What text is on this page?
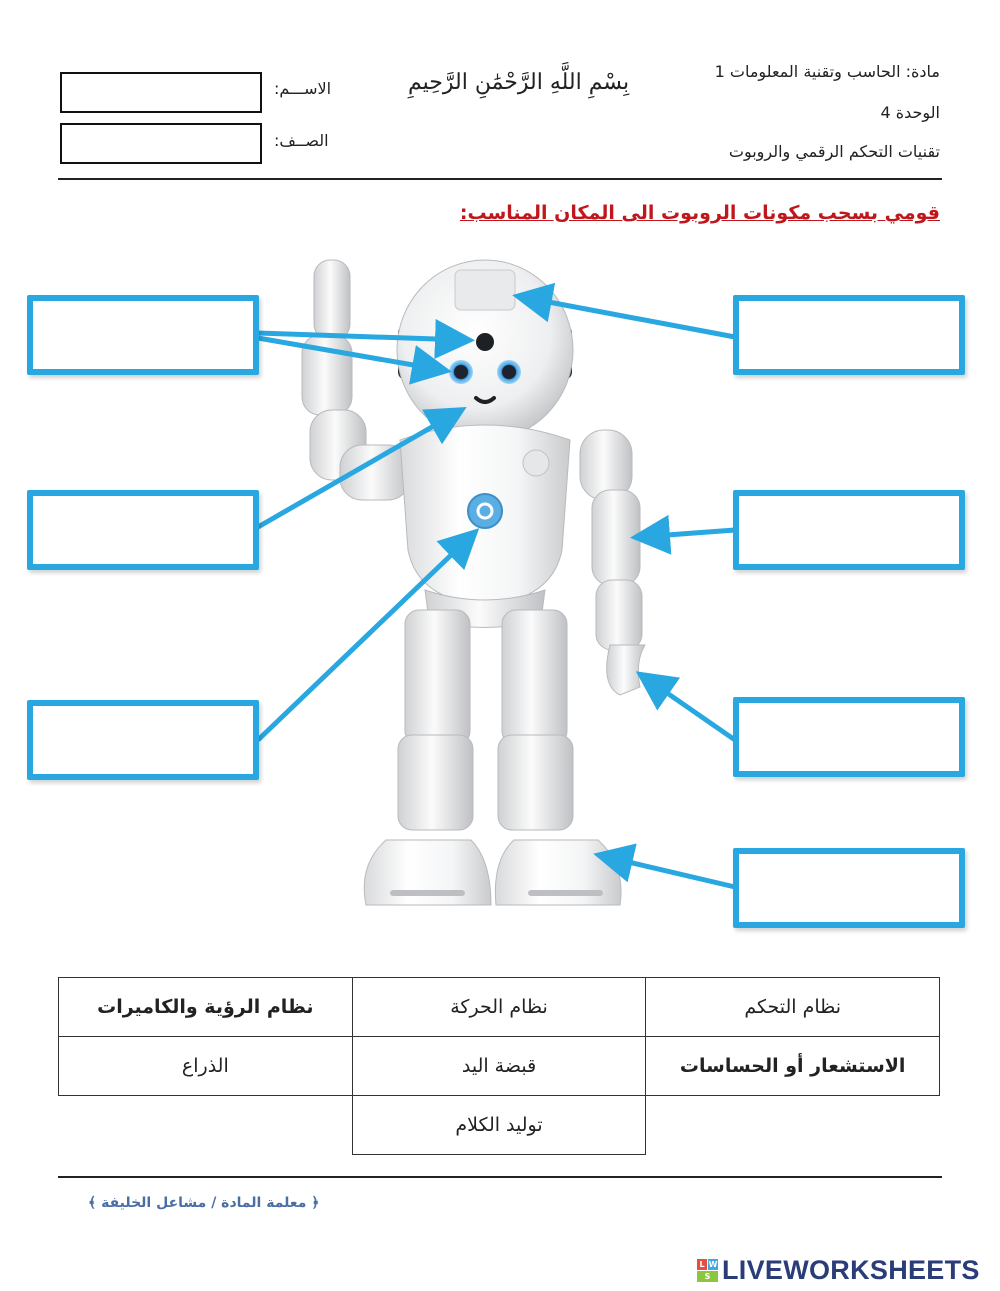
مادة: الحاسب وتقنية المعلومات 1
الوحدة 4
تقنيات التحكم الرقمي والروبوت
بِسْمِ اللَّهِ الرَّحْمَٰنِ الرَّحِيمِ
الاســـم:
الصــف:
قومي بسحب مكونات الروبوت الى المكان المناسب:
نظام التحكم	نظام الحركة	نظام الرؤية والكاميرات
الاستشعار أو الحساسات	قبضة اليد	الذراع
	توليد الكلام	
﴿ معلمة المادة / مشاعل الخليفة ﴾
L W
S LIVEWORKSHEETS
